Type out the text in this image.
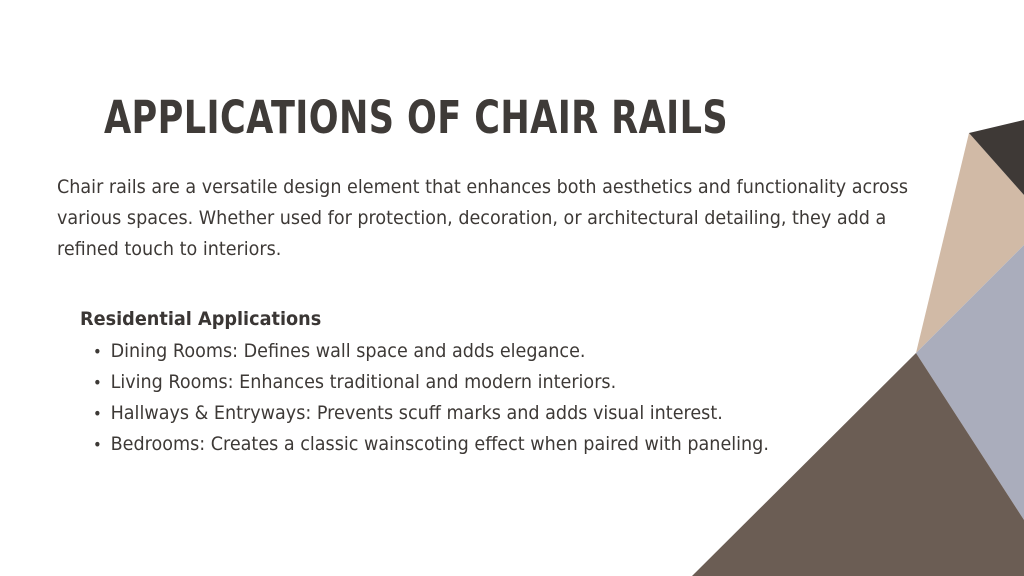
APPLICATIONS OF CHAIR RAILS

Chair rails are a versatile design element that enhances both aesthetics and functionality across various spaces. Whether used for protection, decoration, or architectural detailing, they add a refined touch to interiors.

Residential Applications
• Dining Rooms: Defines wall space and adds elegance.
• Living Rooms: Enhances traditional and modern interiors.
• Hallways & Entryways: Prevents scuff marks and adds visual interest.
• Bedrooms: Creates a classic wainscoting effect when paired with paneling.
